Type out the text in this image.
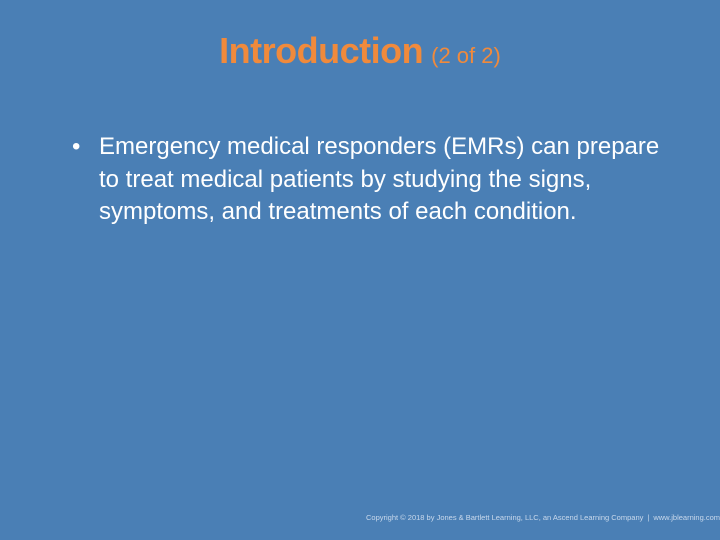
Introduction (2 of 2)
• Emergency medical responders (EMRs) can prepare to treat medical patients by studying the signs, symptoms, and treatments of each condition.
Copyright © 2018 by Jones & Bartlett Learning, LLC, an Ascend Learning Company | www.jblearning.com
